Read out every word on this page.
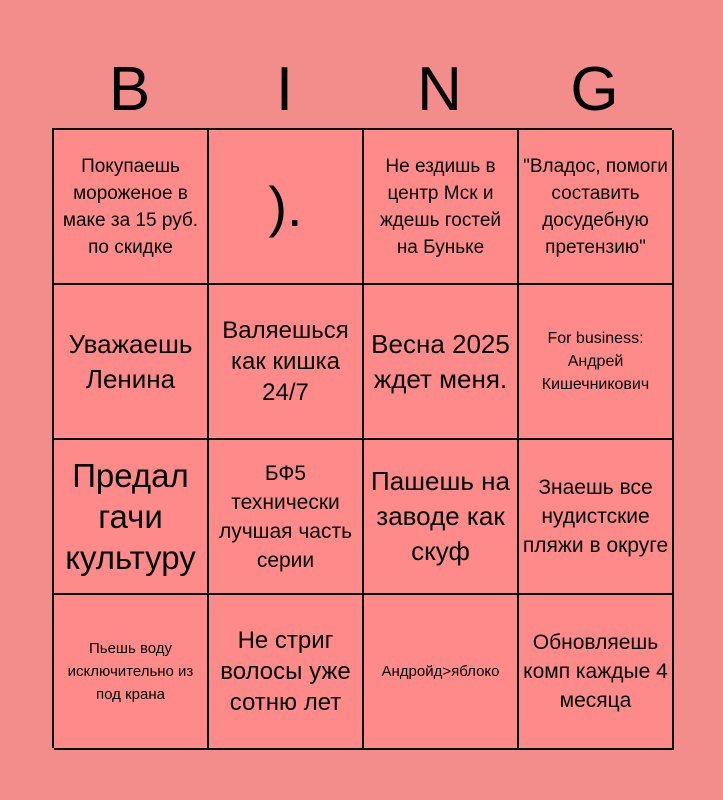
B	I	N	G
Покупаешь мороженое в маке за 15 руб. по скидке
).
Не ездишь в центр Мск и ждешь гостей на Буньке
"Владос, помоги составить досудебную претензию"
Уважаешь Ленина
Валяешься как кишка 24/7
Весна 2025 ждет меня.
For business: Андрей Кишечникович
Предал гачи культуру
БФ5 технически лучшая часть серии
Пашешь на заводе как скуф
Знаешь все нудистские пляжи в округе
Пьешь воду исключительно из под крана
Не стриг волосы уже сотню лет
Андройд>яблоко
Обновляешь комп каждые 4 месяца
